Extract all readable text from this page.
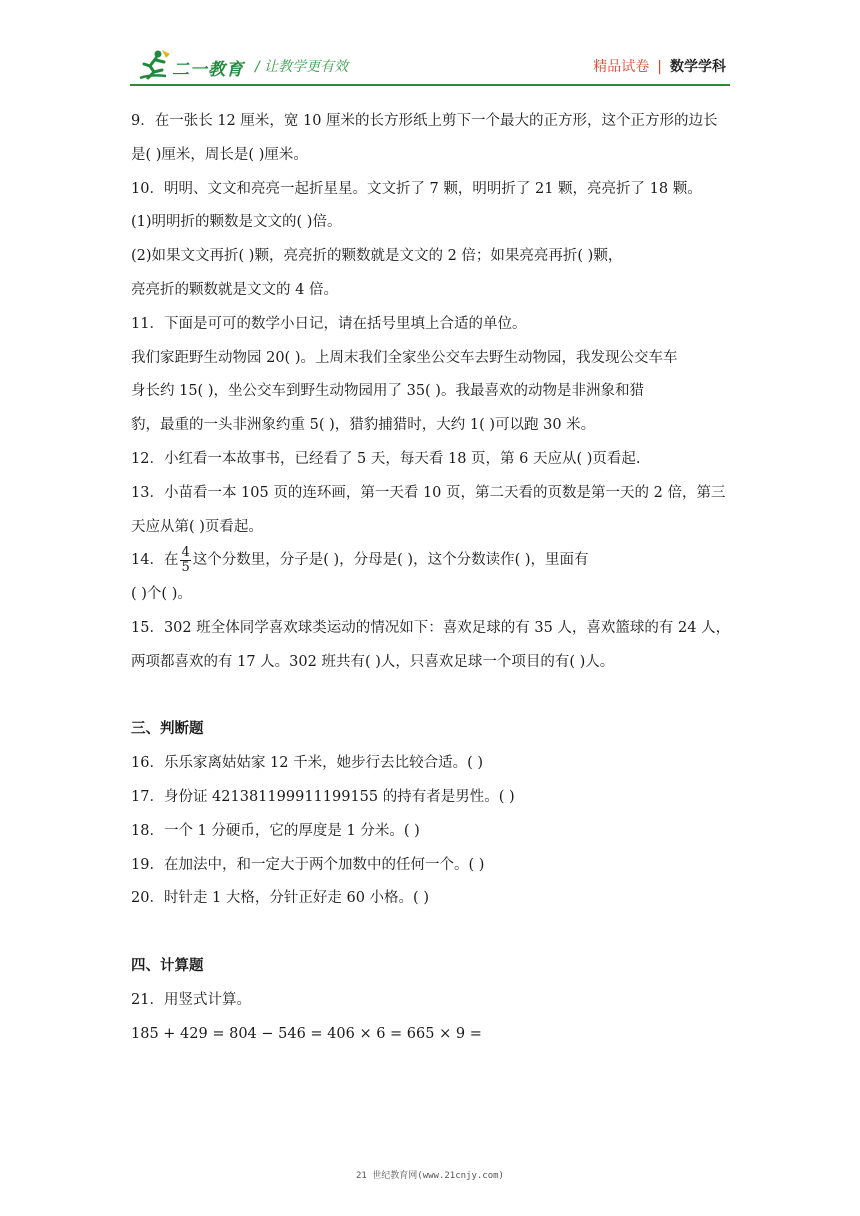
二一教育 / 让教学更有效	精品试卷 | 数学学科
9．在一张长 12 厘米，宽 10 厘米的长方形纸上剪下一个最大的正方形，这个正方形的边长
是( )厘米，周长是( )厘米。
10．明明、文文和亮亮一起折星星。文文折了 7 颗，明明折了 21 颗，亮亮折了 18 颗。
(1)明明折的颗数是文文的( )倍。
(2)如果文文再折( )颗，亮亮折的颗数就是文文的 2 倍；如果亮亮再折( )颗，
亮亮折的颗数就是文文的 4 倍。
11．下面是可可的数学小日记，请在括号里填上合适的单位。
我们家距野生动物园 20( )。上周末我们全家坐公交车去野生动物园，我发现公交车车
身长约 15( )，坐公交车到野生动物园用了 35( )。我最喜欢的动物是非洲象和猎
豹，最重的一头非洲象约重 5( )，猎豹捕猎时，大约 1( )可以跑 30 米。
12．小红看一本故事书，已经看了 5 天，每天看 18 页，第 6 天应从( )页看起.
13．小苗看一本 105 页的连环画，第一天看 10 页，第二天看的页数是第一天的 2 倍，第三
天应从第( )页看起。
14．在 $\frac{4}{5}$ 这个分数里，分子是( )，分母是( )，这个分数读作( )，里面有
( )个( )。
15．302 班全体同学喜欢球类运动的情况如下：喜欢足球的有 35 人，喜欢篮球的有 24 人，
两项都喜欢的有 17 人。302 班共有( )人，只喜欢足球一个项目的有( )人。
三、判断题
16．乐乐家离姑姑家 12 千米，她步行去比较合适。( )
17．身份证 421381199911199155 的持有者是男性。( )
18．一个 1 分硬币，它的厚度是 1 分米。( )
19．在加法中，和一定大于两个加数中的任何一个。( )
20．时针走 1 大格，分针正好走 60 小格。( )
四、计算题
21．用竖式计算。
185 + 429 = 804 − 546 = 406 × 6 = 665 × 9 =
21 世纪教育网(www.21cnjy.com)
